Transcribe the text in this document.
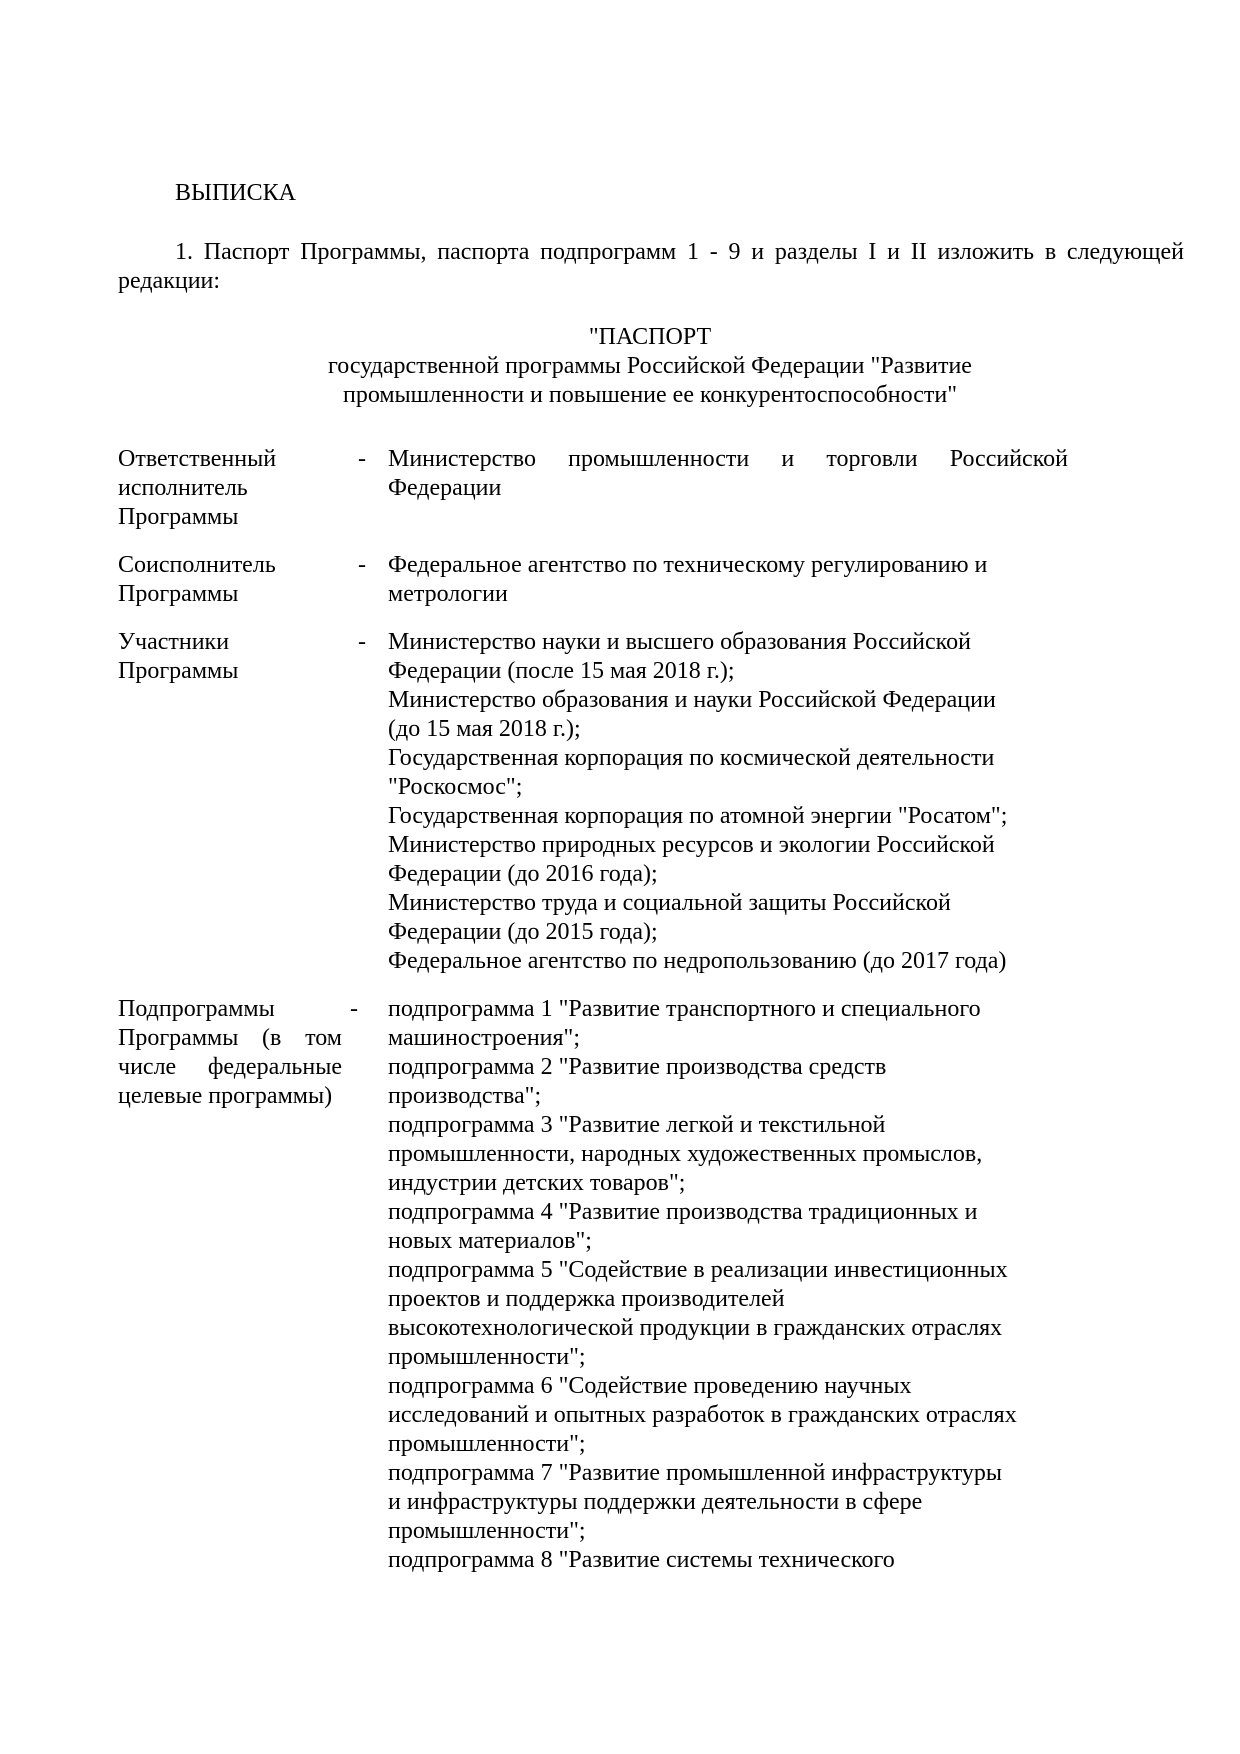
ВЫПИСКА
1. Паспорт Программы, паспорта подпрограмм 1 - 9 и разделы I и II изложить в следующей редакции:
"ПАСПОРТ
государственной программы Российской Федерации "Развитие
промышленности и повышение ее конкурентоспособности"
Ответственный
исполнитель
Программы
- Министерство промышленности и торговли Российской
Федерации
Соисполнитель
Программы
- Федеральное агентство по техническому регулированию и
метрологии
Участники
Программы
- Министерство науки и высшего образования Российской
Федерации (после 15 мая 2018 г.);
Министерство образования и науки Российской Федерации
(до 15 мая 2018 г.);
Государственная корпорация по космической деятельности
"Роскосмос";
Государственная корпорация по атомной энергии "Росатом";
Министерство природных ресурсов и экологии Российской
Федерации (до 2016 года);
Министерство труда и социальной защиты Российской
Федерации (до 2015 года);
Федеральное агентство по недропользованию (до 2017 года)
Подпрограммы
Программы (в том
числе федеральные
целевые программы)
- подпрограмма 1 "Развитие транспортного и специального
машиностроения";
подпрограмма 2 "Развитие производства средств
производства";
подпрограмма 3 "Развитие легкой и текстильной
промышленности, народных художественных промыслов,
индустрии детских товаров";
подпрограмма 4 "Развитие производства традиционных и
новых материалов";
подпрограмма 5 "Содействие в реализации инвестиционных
проектов и поддержка производителей
высокотехнологической продукции в гражданских отраслях
промышленности";
подпрограмма 6 "Содействие проведению научных
исследований и опытных разработок в гражданских отраслях
промышленности";
подпрограмма 7 "Развитие промышленной инфраструктуры
и инфраструктуры поддержки деятельности в сфере
промышленности";
подпрограмма 8 "Развитие системы технического
